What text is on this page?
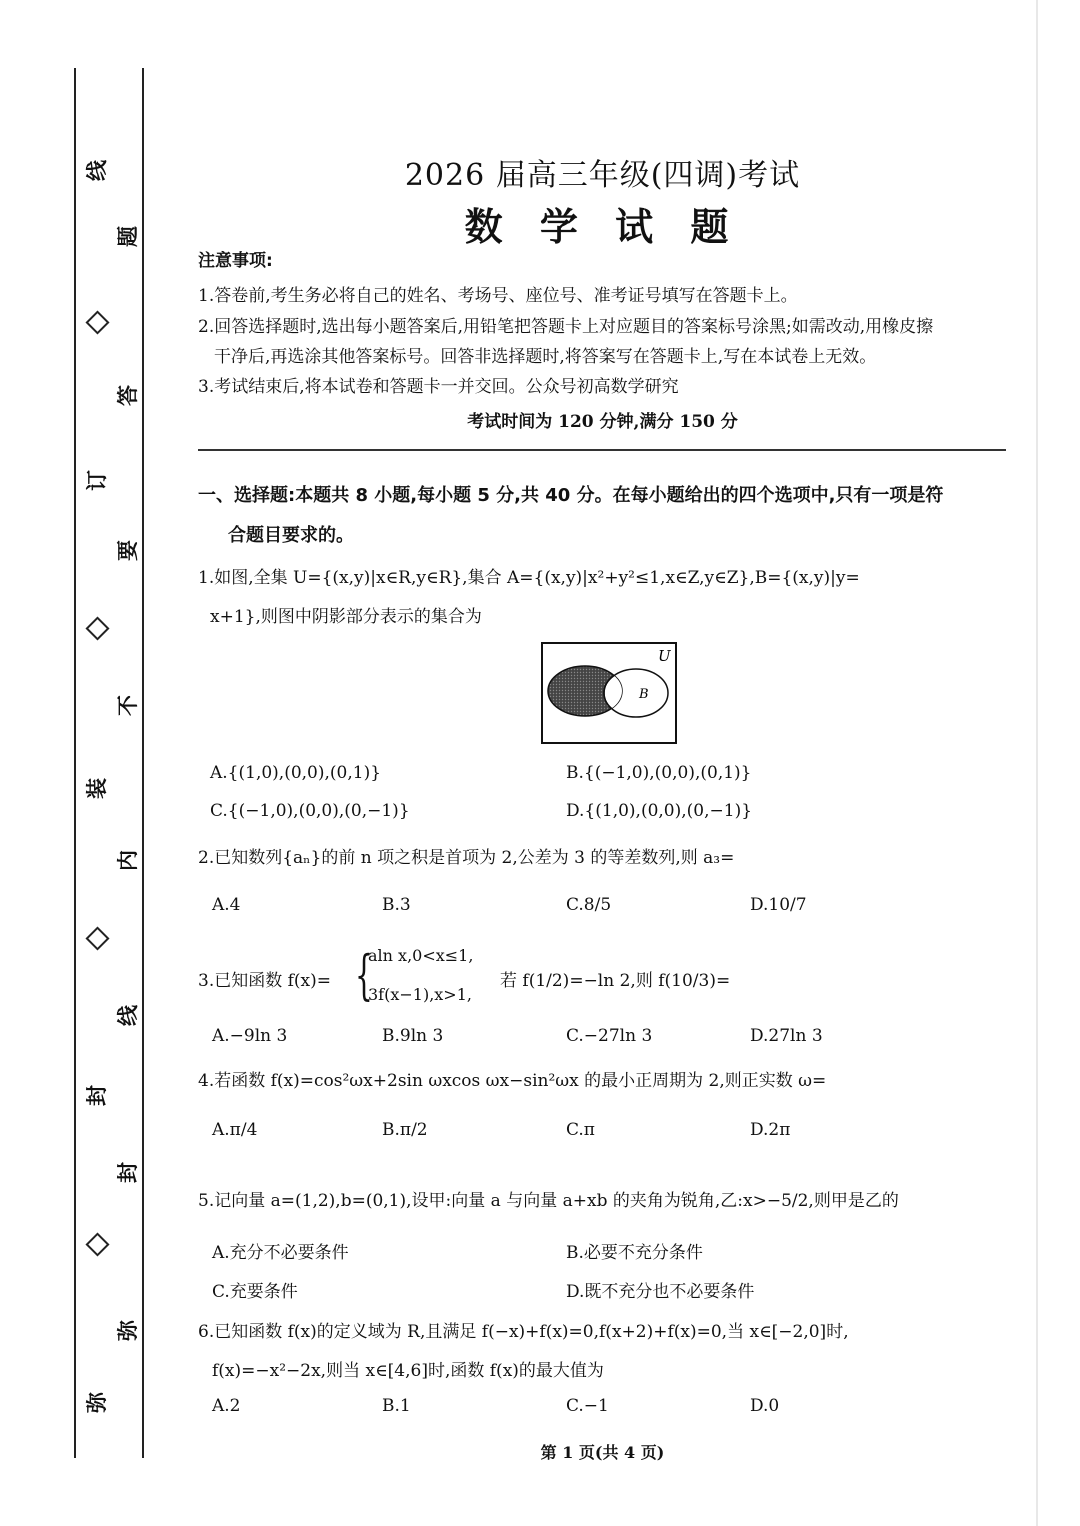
线
订
装
封
弥
题
答
要
不
内
线
封
弥
2026 届高三年级(四调)考试
数 学 试 题
注意事项:
1.答卷前,考生务必将自己的姓名、考场号、座位号、准考证号填写在答题卡上。
2.回答选择题时,选出每小题答案后,用铅笔把答题卡上对应题目的答案标号涂黑;如需改动,用橡皮擦
干净后,再选涂其他答案标号。回答非选择题时,将答案写在答题卡上,写在本试卷上无效。
3.考试结束后,将本试卷和答题卡一并交回。公众号初高数学研究
考试时间为 120 分钟,满分 150 分
一、选择题:本题共 8 小题,每小题 5 分,共 40 分。在每小题给出的四个选项中,只有一项是符
合题目要求的。
1.如图,全集 U={(x,y)|x∈R,y∈R},集合 A={(x,y)|x²+y²≤1,x∈Z,y∈Z},B={(x,y)|y=
x+1},则图中阴影部分表示的集合为
U
B
A.{(1,0),(0,0),(0,1)}	B.{(−1,0),(0,0),(0,1)}
C.{(−1,0),(0,0),(0,−1)}	D.{(1,0),(0,0),(0,−1)}
2.已知数列{aₙ}的前 n 项之积是首项为 2,公差为 3 的等差数列,则 a₃=
A.4	B.3	C.8/5	D.10/7
3.已知函数 f(x)= {
aln x,0<x≤1,
3f(x−1),x>1,
若 f(1/2)=−ln 2,则 f(10/3)=
A.−9ln 3	B.9ln 3	C.−27ln 3	D.27ln 3
4.若函数 f(x)=cos²ωx+2sin ωxcos ωx−sin²ωx 的最小正周期为 2,则正实数 ω=
A.π/4	B.π/2	C.π	D.2π
5.记向量 a=(1,2),b=(0,1),设甲:向量 a 与向量 a+xb 的夹角为锐角,乙:x>−5/2,则甲是乙的
A.充分不必要条件	B.必要不充分条件
C.充要条件	D.既不充分也不必要条件
6.已知函数 f(x)的定义域为 R,且满足 f(−x)+f(x)=0,f(x+2)+f(x)=0,当 x∈[−2,0]时,
f(x)=−x²−2x,则当 x∈[4,6]时,函数 f(x)的最大值为
A.2	B.1	C.−1	D.0
第 1 页(共 4 页)
